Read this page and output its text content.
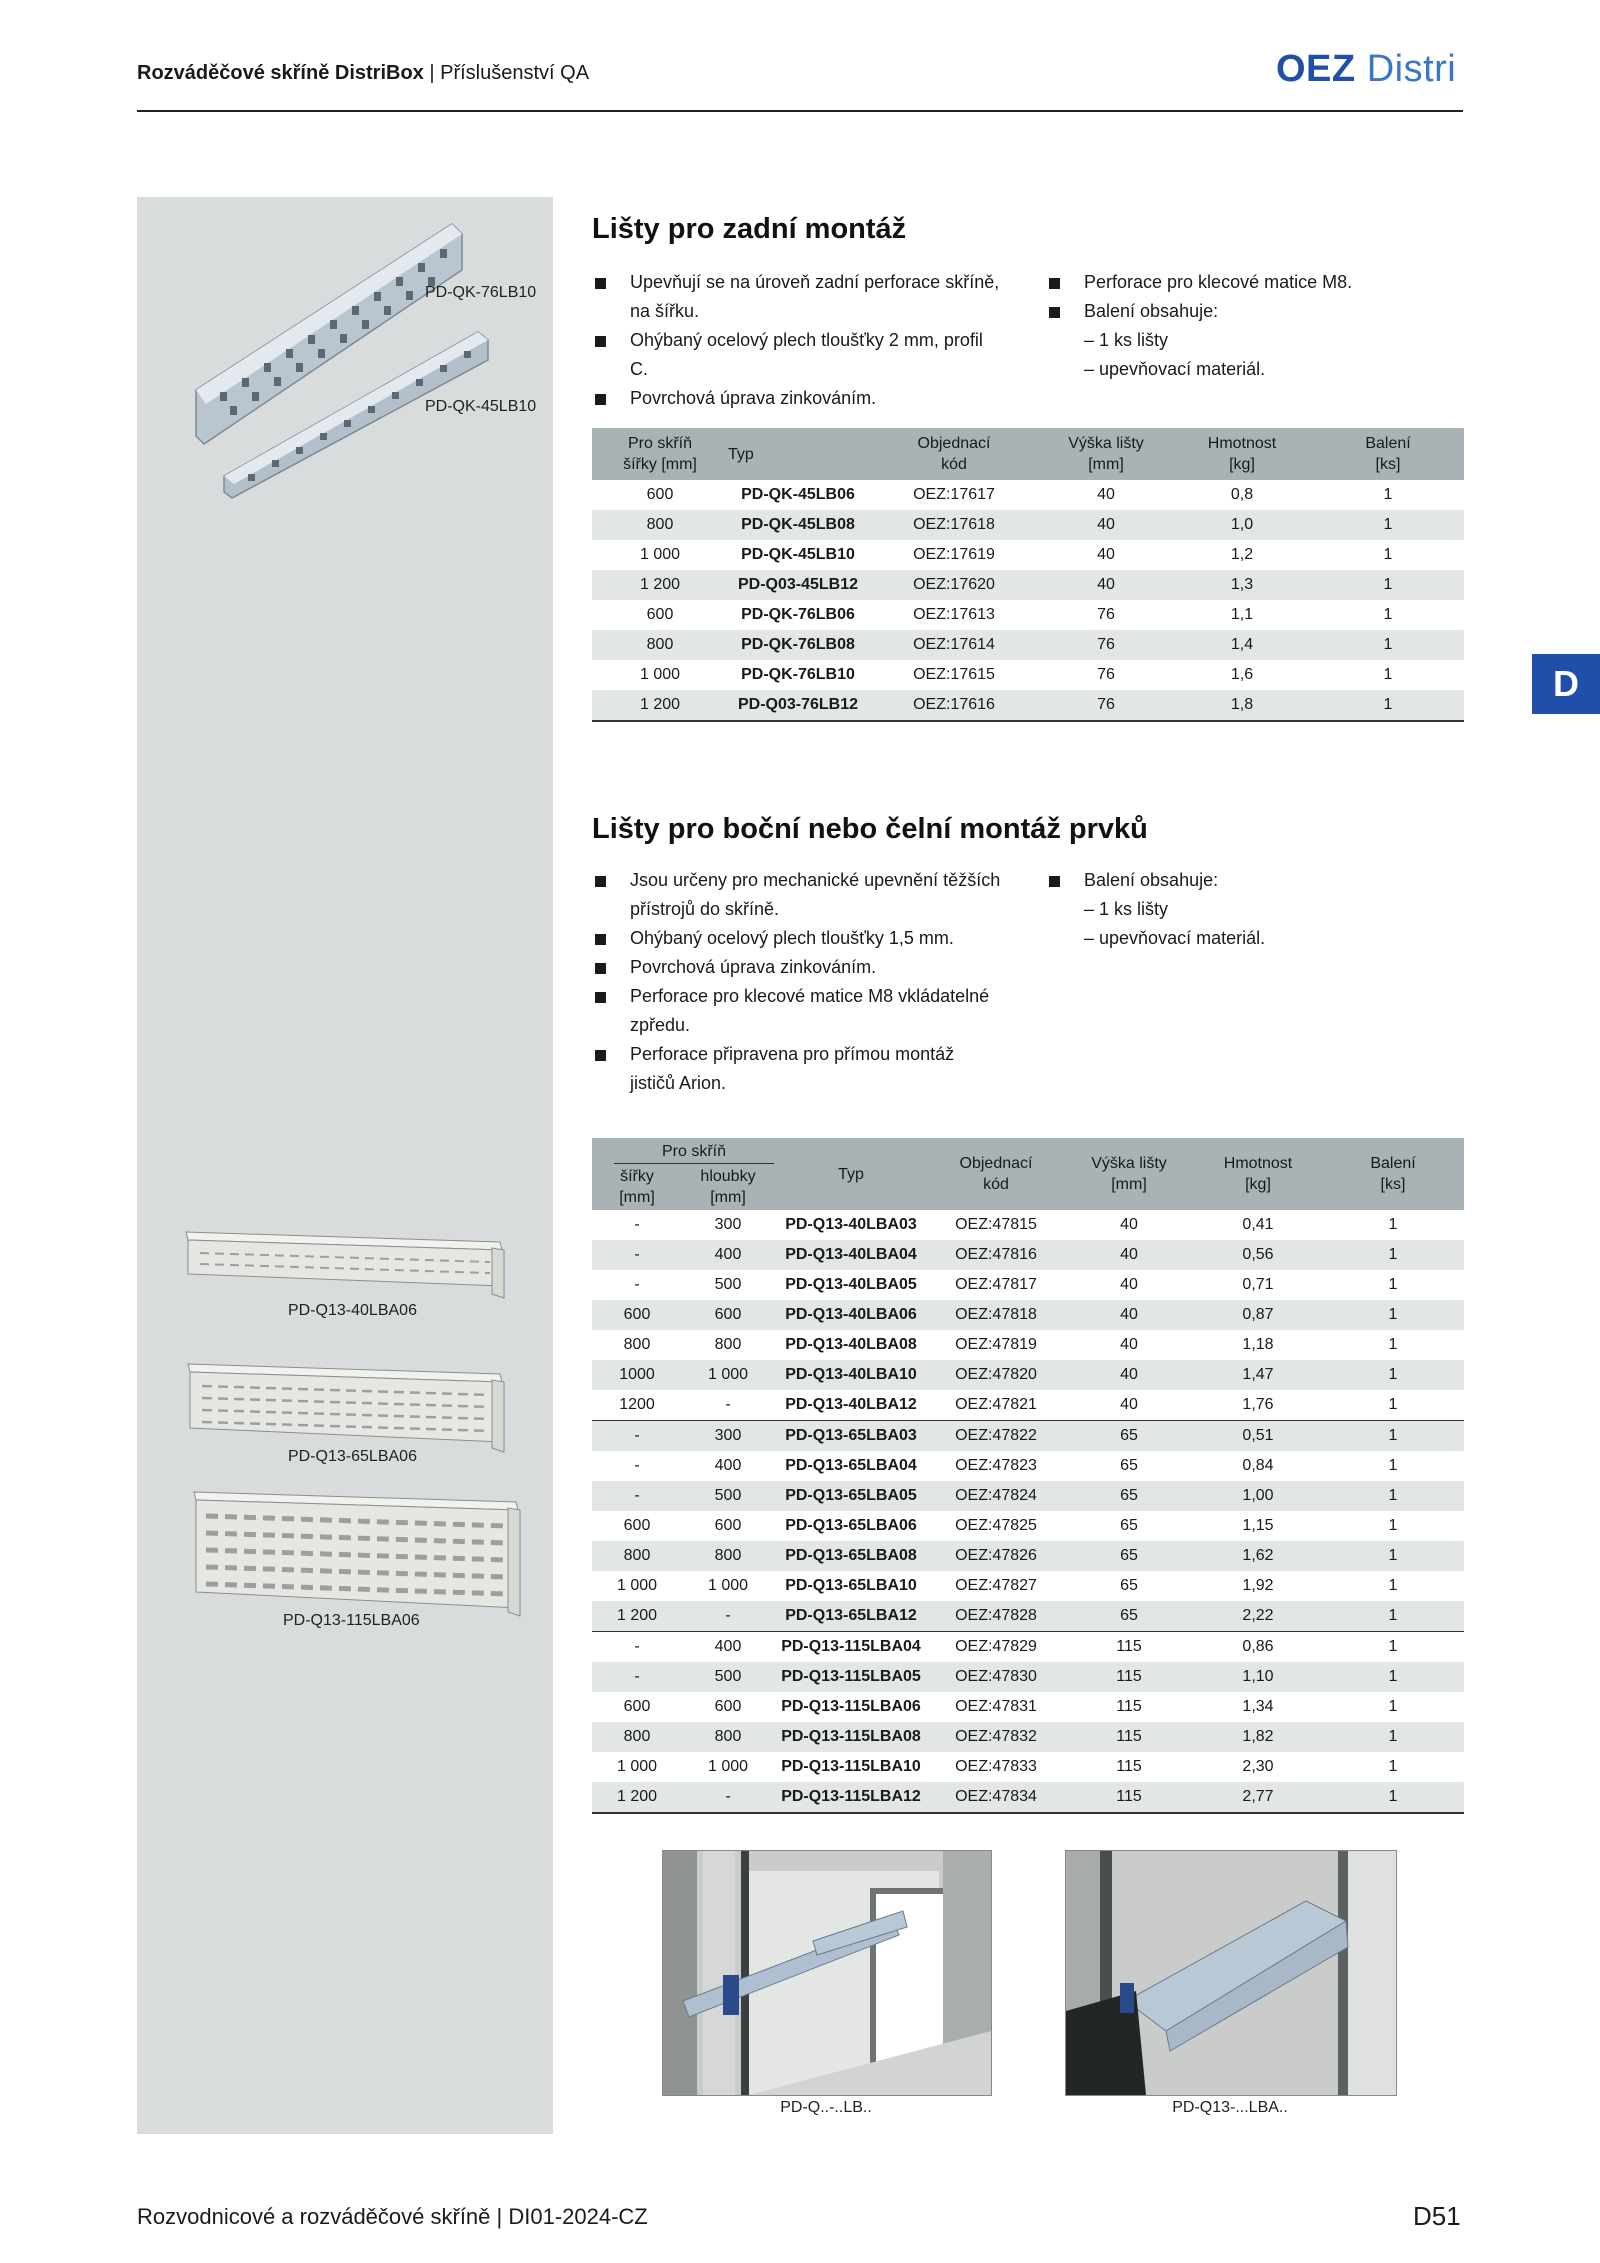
Rozváděčové skříně DistriBox | Příslušenství QA	OEZ Distri
PD-QK-76LB10
PD-QK-45LB10
PD-Q13-40LBA06
PD-Q13-65LBA06
PD-Q13-115LBA06
D
Lišty pro zadní montáž
Upevňují se na úroveň zadní perforace skříně, na šířku.
Ohýbaný ocelový plech tloušťky 2 mm, profil C.
Povrchová úprava zinkováním.
Perforace pro klecové matice M8.
Balení obsahuje:
– 1 ks lišty
– upevňovací materiál.
Pro skříň
šířky [mm]	Typ	Objednací
kód	Výška lišty
[mm]	Hmotnost
[kg]	Balení
[ks]
600	PD-QK-45LB06	OEZ:17617	40	0,8	1
800	PD-QK-45LB08	OEZ:17618	40	1,0	1
1 000	PD-QK-45LB10	OEZ:17619	40	1,2	1
1 200	PD-Q03-45LB12	OEZ:17620	40	1,3	1
600	PD-QK-76LB06	OEZ:17613	76	1,1	1
800	PD-QK-76LB08	OEZ:17614	76	1,4	1
1 000	PD-QK-76LB10	OEZ:17615	76	1,6	1
1 200	PD-Q03-76LB12	OEZ:17616	76	1,8	1
Lišty pro boční nebo čelní montáž prvků
Jsou určeny pro mechanické upevnění těžších přístrojů do skříně.
Ohýbaný ocelový plech tloušťky 1,5 mm.
Povrchová úprava zinkováním.
Perforace pro klecové matice M8 vkládatelné zpředu.
Perforace připravena pro přímou montáž jističů Arion.
Balení obsahuje:
– 1 ks lišty
– upevňovací materiál.
Pro skříň		Typ	Objednací
kód	Výška lišty
[mm]	Hmotnost
[kg]	Balení
[ks]
šířky
[mm]	hloubky
[mm]					
-	300	PD-Q13-40LBA03	OEZ:47815	40	0,41	1
-	400	PD-Q13-40LBA04	OEZ:47816	40	0,56	1
-	500	PD-Q13-40LBA05	OEZ:47817	40	0,71	1
600	600	PD-Q13-40LBA06	OEZ:47818	40	0,87	1
800	800	PD-Q13-40LBA08	OEZ:47819	40	1,18	1
1000	1 000	PD-Q13-40LBA10	OEZ:47820	40	1,47	1
1200	-	PD-Q13-40LBA12	OEZ:47821	40	1,76	1
-	300	PD-Q13-65LBA03	OEZ:47822	65	0,51	1
-	400	PD-Q13-65LBA04	OEZ:47823	65	0,84	1
-	500	PD-Q13-65LBA05	OEZ:47824	65	1,00	1
600	600	PD-Q13-65LBA06	OEZ:47825	65	1,15	1
800	800	PD-Q13-65LBA08	OEZ:47826	65	1,62	1
1 000	1 000	PD-Q13-65LBA10	OEZ:47827	65	1,92	1
1 200	-	PD-Q13-65LBA12	OEZ:47828	65	2,22	1
-	400	PD-Q13-115LBA04	OEZ:47829	115	0,86	1
-	500	PD-Q13-115LBA05	OEZ:47830	115	1,10	1
600	600	PD-Q13-115LBA06	OEZ:47831	115	1,34	1
800	800	PD-Q13-115LBA08	OEZ:47832	115	1,82	1
1 000	1 000	PD-Q13-115LBA10	OEZ:47833	115	2,30	1
1 200	-	PD-Q13-115LBA12	OEZ:47834	115	2,77	1
PD-Q..-..LB..	PD-Q13-...LBA..
Rozvodnicové a rozváděčové skříně | DI01-2024-CZ	D51
